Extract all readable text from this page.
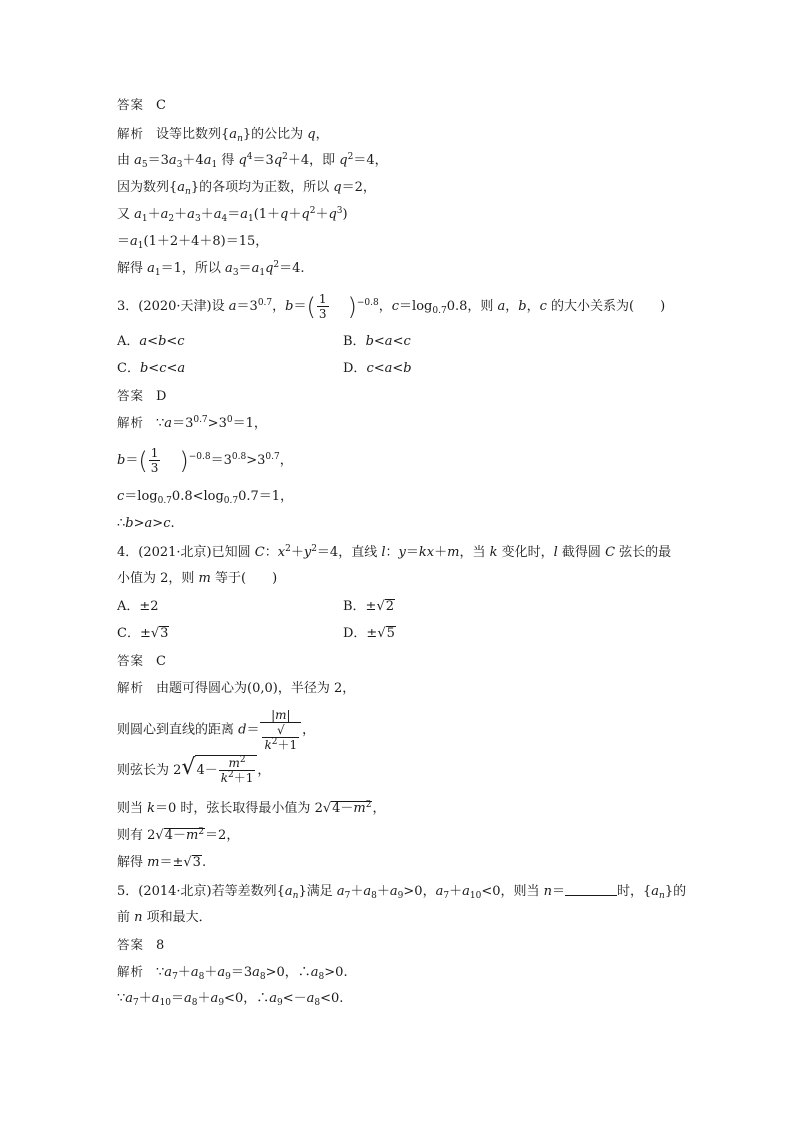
答案 C
解析 设等比数列$\{a_n\}$的公比为 q，
由 $a_5=3a_3+4a_1$ 得 $q^4=3q^2+4$，即 $q^2=4$，
因为数列$\{a_n\}$的各项均为正数，所以 q＝2，
又 $a_1+a_2+a_3+a_4=a_1(1+q+q^2+q^3)$
$=a_1(1+2+4+8)=15$，
解得 $a_1=1$，所以 $a_3=a_1q^2=4$.
3．(2020·天津)设 $a=3^{0.7}$，$b=( \frac{1}{3} )^{-0.8}$，$c=\log_{0.7}0.8$，则 a，b，c 的大小关系为(　　)
A．a<b<c	B．b<a<c
C．b<c<a	D．c<a<b
答案 D
解析 $\because a=3^{0.7}>3^0=1$，
$b=( \frac{1}{3} )^{-0.8}=3^{0.8}>3^{0.7}$，
$c=\log_{0.7}0.8<\log_{0.7}0.7=1$，
∴b>a>c.
4．(2021·北京)已知圆 C：$x^2+y^2=4$，直线 l：y＝kx＋m，当 k 变化时，l 截得圆 C 弦长的最
小值为 2，则 m 等于(　　)
A．±2	B．±√2
C．±√3	D．±√5
答案 C
解析 由题可得圆心为(0,0)，半径为 2，
则圆心到直线的距离 d＝ |m|
√
$k^2+1$ ，
则弦长为 $2√4- \frac{m^2}{k^2+1}$ ，
则当 k＝0 时，弦长取得最小值为 $2√4-m^2$，
则有 $2√4-m^2=2$，
解得 m＝±√3.
5．(2014·北京)若等差数列$\{a_n\}$满足 $a_7+a_8+a_9>0$，$a_7+a_{10}<0$，则当 n＝	时，$\{a_n\}$的
前 n 项和最大．
答案 8
解析 $\because a_7+a_8+a_9=3a_8>0$，$\therefore a_8>0$.
$\because a_7+a_{10}=a_8+a_9<0$，$\therefore a_9<-a_8<0$.
